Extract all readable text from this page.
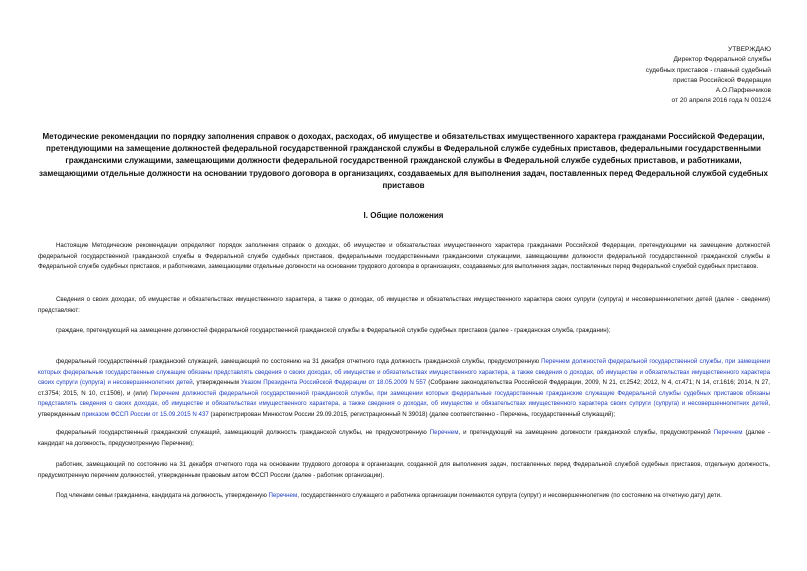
УТВЕРЖДАЮ
Директор Федеральной службы
судебных приставов - главный судебный
пристав Российской Федерации
А.О.Парфенчиков
от 20 апреля 2016 года N 0012/4
Методические рекомендации по порядку заполнения справок о доходах, расходах, об имуществе и обязательствах имущественного характера гражданами Российской Федерации, претендующими на замещение должностей федеральной государственной гражданской службы в Федеральной службе судебных приставов, федеральными государственными гражданскими служащими, замещающими должности федеральной государственной гражданской службы в Федеральной службе судебных приставов, и работниками, замещающими отдельные должности на основании трудового договора в организациях, создаваемых для выполнения задач, поставленных перед Федеральной службой судебных приставов
I. Общие положения
Настоящие Методические рекомендации определяют порядок заполнения справок о доходах, об имуществе и обязательствах имущественного характера гражданами Российской Федерации, претендующими на замещение должностей федеральной государственной гражданской службы в Федеральной службе судебных приставов, федеральными государственными гражданскими служащими, замещающими должности федеральной государственной гражданской службы в Федеральной службе судебных приставов, и работниками, замещающими отдельные должности на основании трудового договора в организациях, создаваемых для выполнения задач, поставленных перед Федеральной службой судебных приставов.
Сведения о своих доходах, об имуществе и обязательствах имущественного характера, а также о доходах, об имуществе и обязательствах имущественного характера своих супруги (супруга) и несовершеннолетних детей (далее - сведения) представляют:
граждане, претендующий на замещение должностей федеральной государственной гражданской службы в Федеральной службе судебных приставов (далее - гражданская служба, гражданин);
федеральный государственный гражданский служащий, замещающий по состоянию на 31 декабря отчетного года должность гражданской службы, предусмотренную Перечнем должностей федеральной государственной службы, при замещении которых федеральные государственные служащие обязаны представлять сведения о своих доходах, об имуществе и обязательствах имущественного характера, а также сведения о доходах, об имуществе и обязательствах имущественного характера своих супруги (супруга) и несовершеннолетних детей, утвержденным Указом Президента Российской Федерации от 18.05.2009 N 557 (Собрание законодательства Российской Федерации, 2009, N 21, ст.2542; 2012, N 4, ст.471; N 14, ст.1616; 2014, N 27, ст.3754; 2015, N 10, ст.1506), и (или) Перечнем должностей федеральной государственной гражданской службы, при замещении которых федеральные государственные гражданские служащие Федеральной службы судебных приставов обязаны представлять сведения о своих доходах, об имуществе и обязательствах имущественного характера, а также сведения о доходах, об имуществе и обязательствах имущественного характера своих супруги (супруга) и несовершеннолетних детей, утвержденным приказом ФССП России от 15.09.2015 N 437 (зарегистрирован Минюстом России 29.09.2015, регистрационный N 39018) (далее соответственно - Перечень, государственный служащий);
федеральный государственный гражданский служащий, замещающий должность гражданской службы, не предусмотренную Перечнем, и претендующий на замещение должности гражданской службы, предусмотренной Перечнем (далее - кандидат на должность, предусмотренную Перечнем);
работник, замещающий по состоянию на 31 декабря отчетного года на основании трудового договора в организации, созданной для выполнения задач, поставленных перед Федеральной службой судебных приставов, отдельную должность, предусмотренную перечнем должностей, утвержденным правовым актом ФССП России (далее - работник организации).
Под членами семьи гражданина, кандидата на должность, утвержденную Перечнем, государственного служащего и работника организации понимаются супруга (супруг) и несовершеннолетние (по состоянию на отчетную дату) дети.
